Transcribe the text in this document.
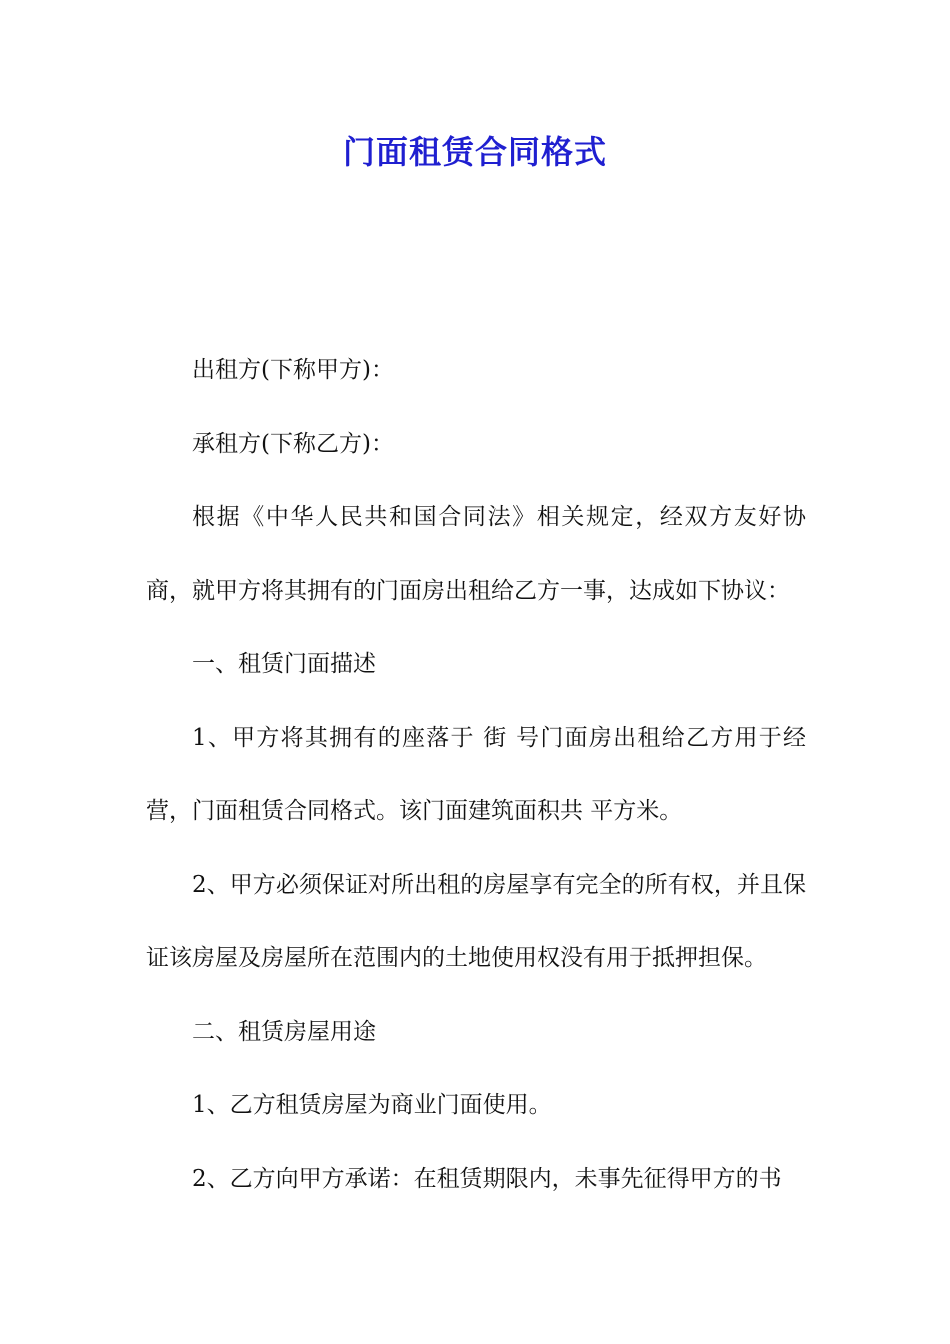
门面租赁合同格式

出租方(下称甲方)：

承租方(下称乙方)：

根据《中华人民共和国合同法》相关规定，经双方友好协商，就甲方将其拥有的门面房出租给乙方一事，达成如下协议：

一、租赁门面描述

1、甲方将其拥有的座落于 街 号门面房出租给乙方用于经营，门面租赁合同格式。该门面建筑面积共 平方米。

2、甲方必须保证对所出租的房屋享有完全的所有权，并且保证该房屋及房屋所在范围内的土地使用权没有用于抵押担保。

二、租赁房屋用途

1、乙方租赁房屋为商业门面使用。

2、乙方向甲方承诺：在租赁期限内，未事先征得甲方的书
